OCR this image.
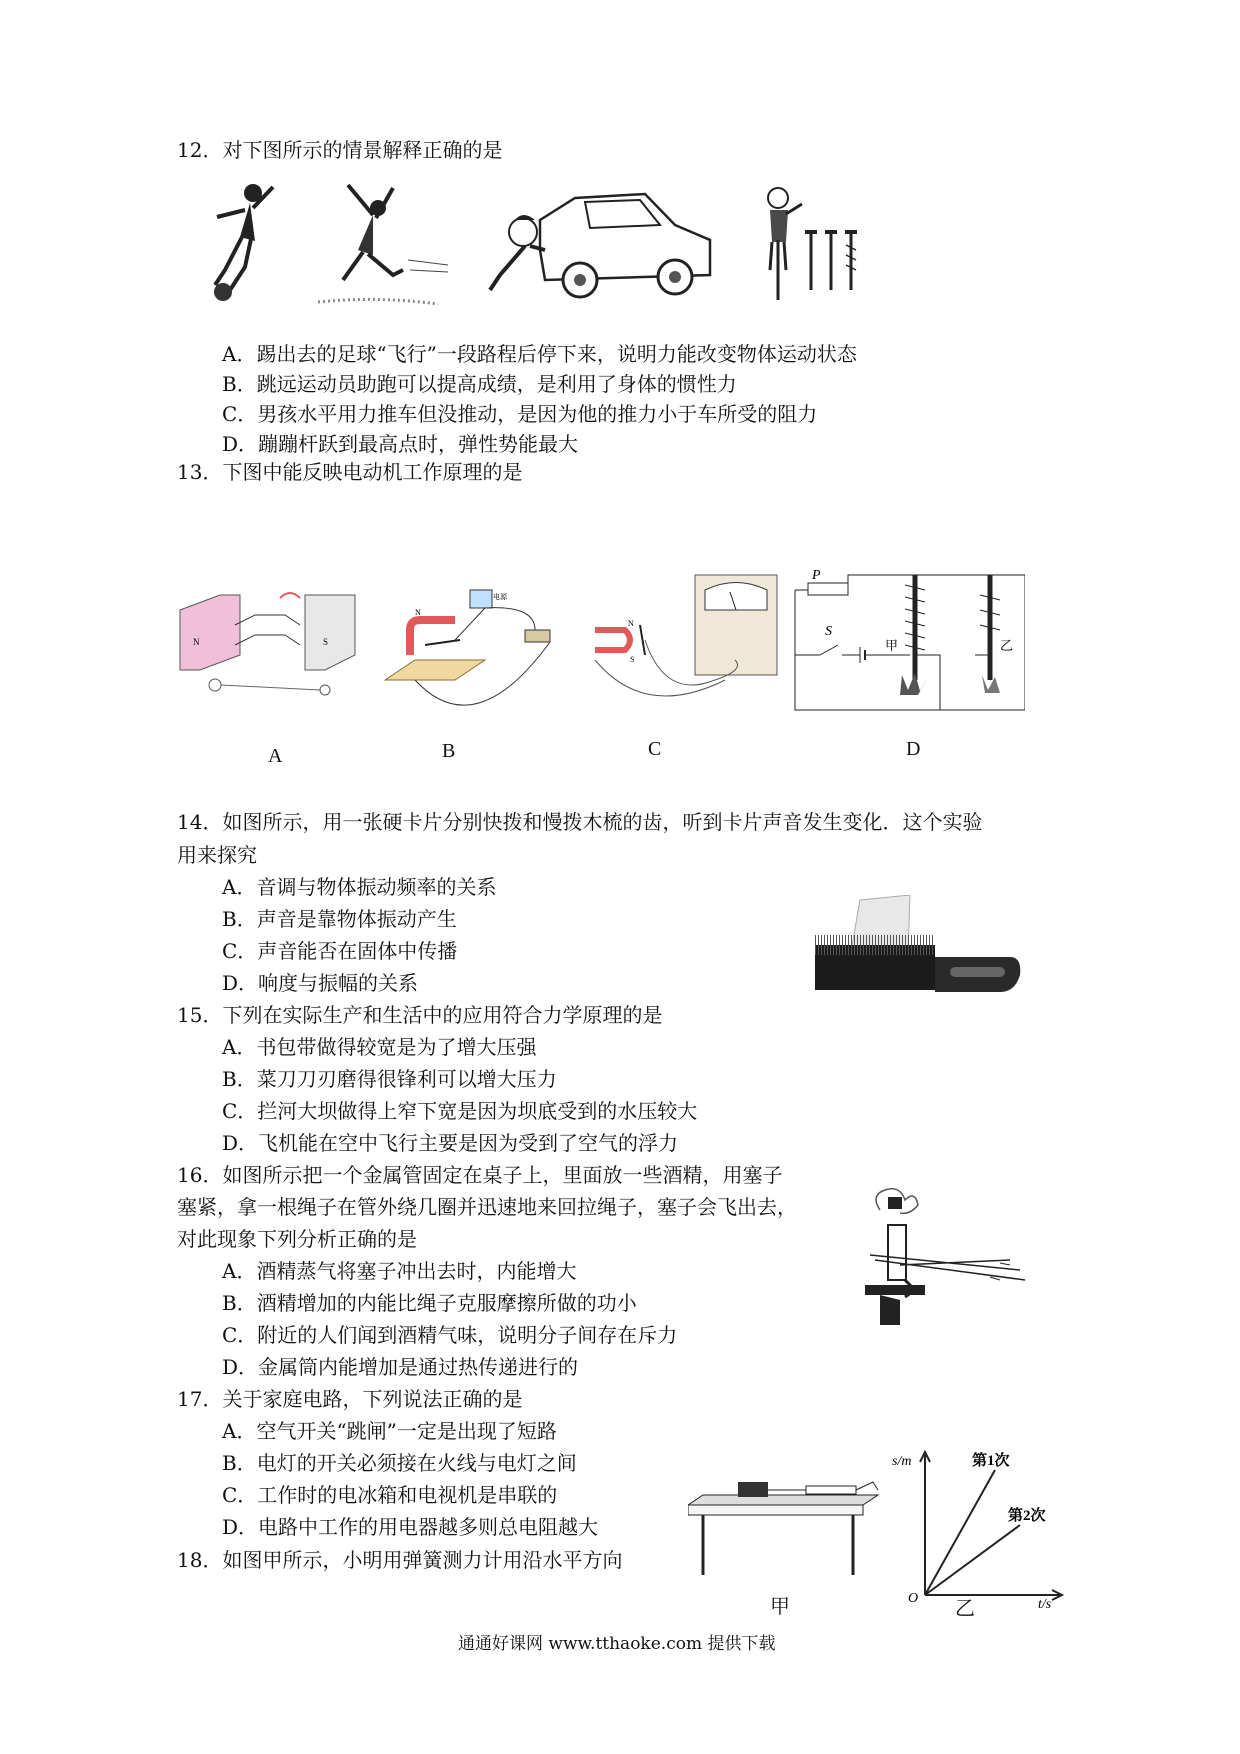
12．对下图所示的情景解释正确的是
A．踢出去的足球“飞行”一段路程后停下来，说明力能改变物体运动状态
B．跳远运动员助跑可以提高成绩，是利用了身体的惯性力
C．男孩水平用力推车但没推动，是因为他的推力小于车所受的阻力
D．蹦蹦杆跃到最高点时，弹性势能最大
13．下图中能反映电动机工作原理的是
N	S
N
电源
N
S
P
S
甲	乙
A	B	C	D
14．如图所示，用一张硬卡片分别快拨和慢拨木梳的齿，听到卡片声音发生变化．这个实验
用来探究
A．音调与物体振动频率的关系
B．声音是靠物体振动产生
C．声音能否在固体中传播
D．响度与振幅的关系
15．下列在实际生产和生活中的应用符合力学原理的是
A．书包带做得较宽是为了增大压强
B．菜刀刀刃磨得很锋利可以增大压力
C．拦河大坝做得上窄下宽是因为坝底受到的水压较大
D．飞机能在空中飞行主要是因为受到了空气的浮力
16．如图所示把一个金属管固定在桌子上，里面放一些酒精，用塞子
塞紧，拿一根绳子在管外绕几圈并迅速地来回拉绳子，塞子会飞出去，
对此现象下列分析正确的是
A．酒精蒸气将塞子冲出去时，内能增大
B．酒精增加的内能比绳子克服摩擦所做的功小
C．附近的人们闻到酒精气味，说明分子间存在斥力
D．金属筒内能增加是通过热传递进行的
17．关于家庭电路，下列说法正确的是
A．空气开关“跳闸”一定是出现了短路
B．电灯的开关必须接在火线与电灯之间
C．工作时的电冰箱和电视机是串联的
D．电路中工作的用电器越多则总电阻越大
18．如图甲所示，小明用弹簧测力计用沿水平方向
甲
s/m
t/s
O
第1次
第2次
乙
通通好课网 www.tthaoke.com 提供下载
